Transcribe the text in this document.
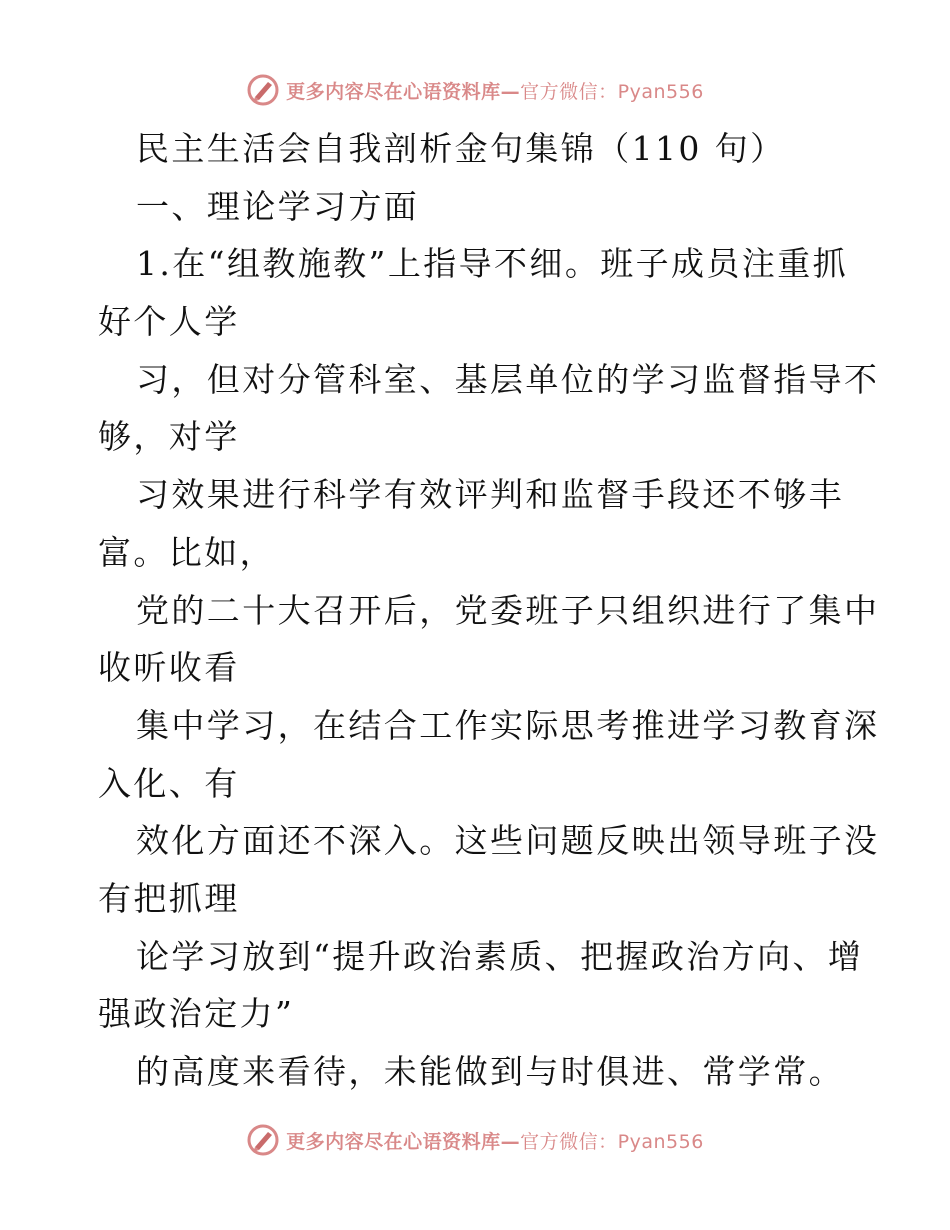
更多内容尽在心语资料库—官方微信：Pyan556
民主生活会自我剖析金句集锦（110 句）
一、理论学习方面
1.在“组教施教”上指导不细。班子成员注重抓
好个人学
习，但对分管科室、基层单位的学习监督指导不
够，对学
习效果进行科学有效评判和监督手段还不够丰
富。比如，
党的二十大召开后，党委班子只组织进行了集中
收听收看
集中学习，在结合工作实际思考推进学习教育深
入化、有
效化方面还不深入。这些问题反映出领导班子没
有把抓理
论学习放到“提升政治素质、把握政治方向、增
强政治定力”
的高度来看待，未能做到与时俱进、常学常。
更多内容尽在心语资料库—官方微信：Pyan556
